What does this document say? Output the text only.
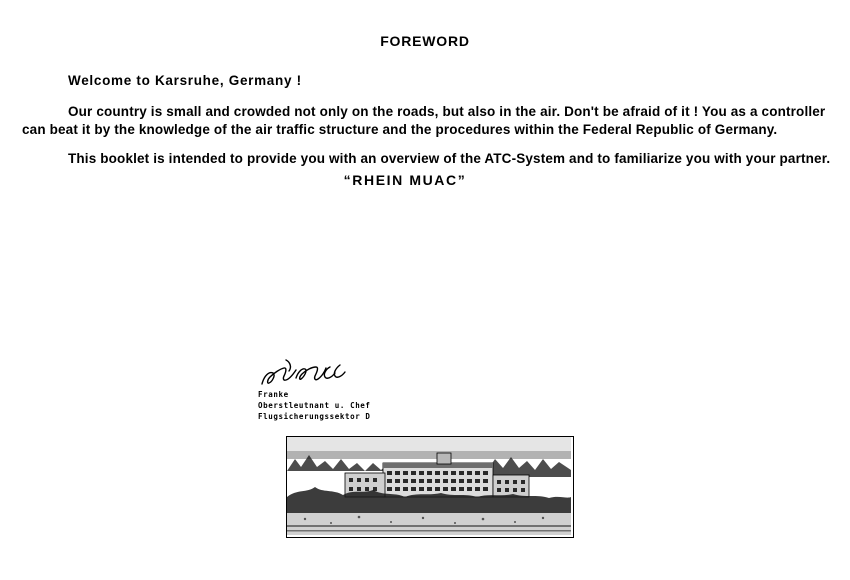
FOREWORD

Welcome to Karsruhe, Germany !

Our country is small and crowded not only on the roads, but also in the air. Don't be afraid of it ! You as a controller can beat it by the knowledge of the air traffic structure and the procedures within the Federal Republic of Germany.

This booklet is intended to provide you with an overview of the ATC-System and to familiarize you with your partner.

“RHEIN MUAC”
Franke
Oberstleutnant u. Chef
Flugsicherungssektor D
